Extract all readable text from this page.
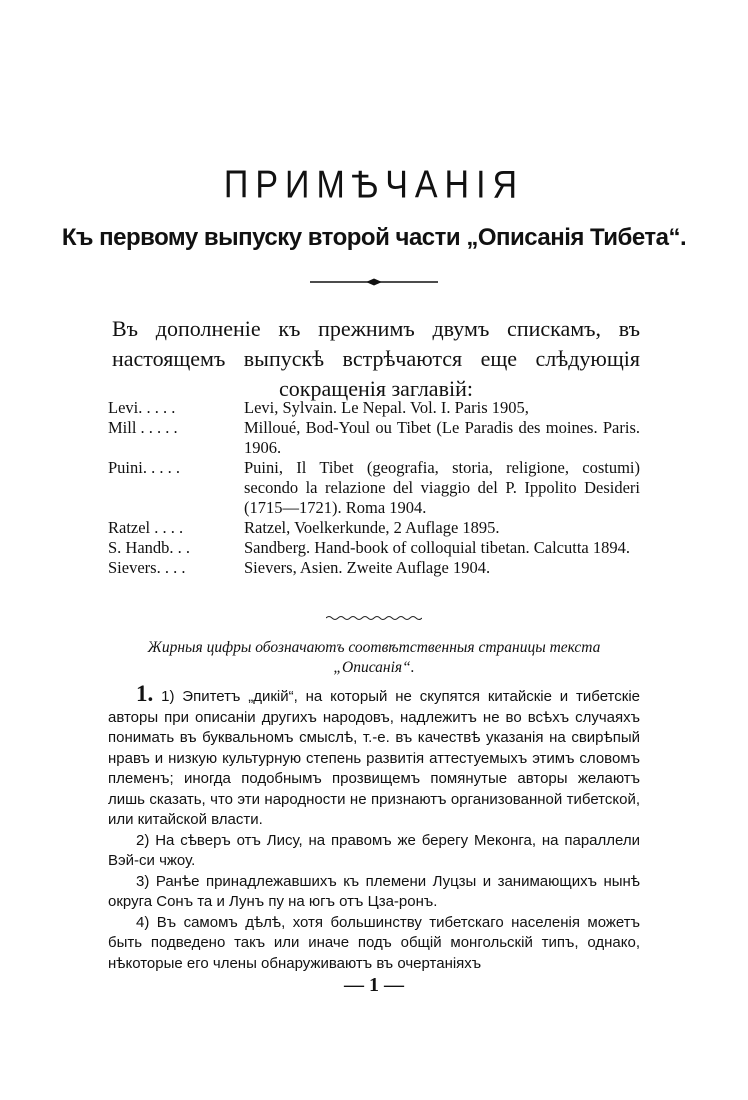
ПРИМѢЧАНІЯ
Къ первому выпуску второй части „Описанія Тибета“.
Въ дополненіе къ прежнимъ двумъ спискамъ, въ настоящемъ выпускѣ встрѣчаются еще слѣдующія сокращенія заглавій:
Levi. . . . .	Levi, Sylvain. Le Nepal. Vol. I. Paris 1905,
Mill . . . . .	Milloué, Bod-Youl ou Tibet (Le Paradis des moines. Paris. 1906.
Puini. . . . .	Puini, Il Tibet (geografia, storia, religione, costumi) secondo la relazione del viaggio del P. Ippolito Desideri (1715—1721). Roma 1904.
Ratzel . . . .	Ratzel, Voelkerkunde, 2 Auflage 1895.
S. Handb. . .	Sandberg. Hand-book of colloquial tibetan. Calcutta 1894.
Sievers. . . .	Sievers, Asien. Zweite Auflage 1904.
Жирныя цифры обозначаютъ соотвѣтственныя страницы текста „Описанія“.

1. 1) Эпитетъ „дикій“, на который не скупятся китайскіе и тибетскіе авторы при описаніи другихъ народовъ, надлежитъ не во всѣхъ случаяхъ понимать въ буквальномъ смыслѣ, т.-е. въ качествѣ указанія на свирѣпый нравъ и низкую культурную степень развитія аттестуемыхъ этимъ словомъ племенъ; иногда подобнымъ прозвищемъ помянутые авторы желаютъ лишь сказать, что эти народности не признаютъ организованной тибетской, или китайской власти.

2) На сѣверъ отъ Лису, на правомъ же берегу Меконга, на параллели Вэй-си чжоу.

3) Ранѣе принадлежавшихъ къ племени Луцзы и занимающихъ нынѣ округа Сонъ та и Лунъ пу на югъ отъ Цза-ронъ.

4) Въ самомъ дѣлѣ, хотя большинству тибетскаго населенія можетъ быть подведено такъ или иначе подъ общій монгольскій типъ, однако, нѣкоторые его члены обнаруживаютъ въ очертаніяхъ

— 1 —
